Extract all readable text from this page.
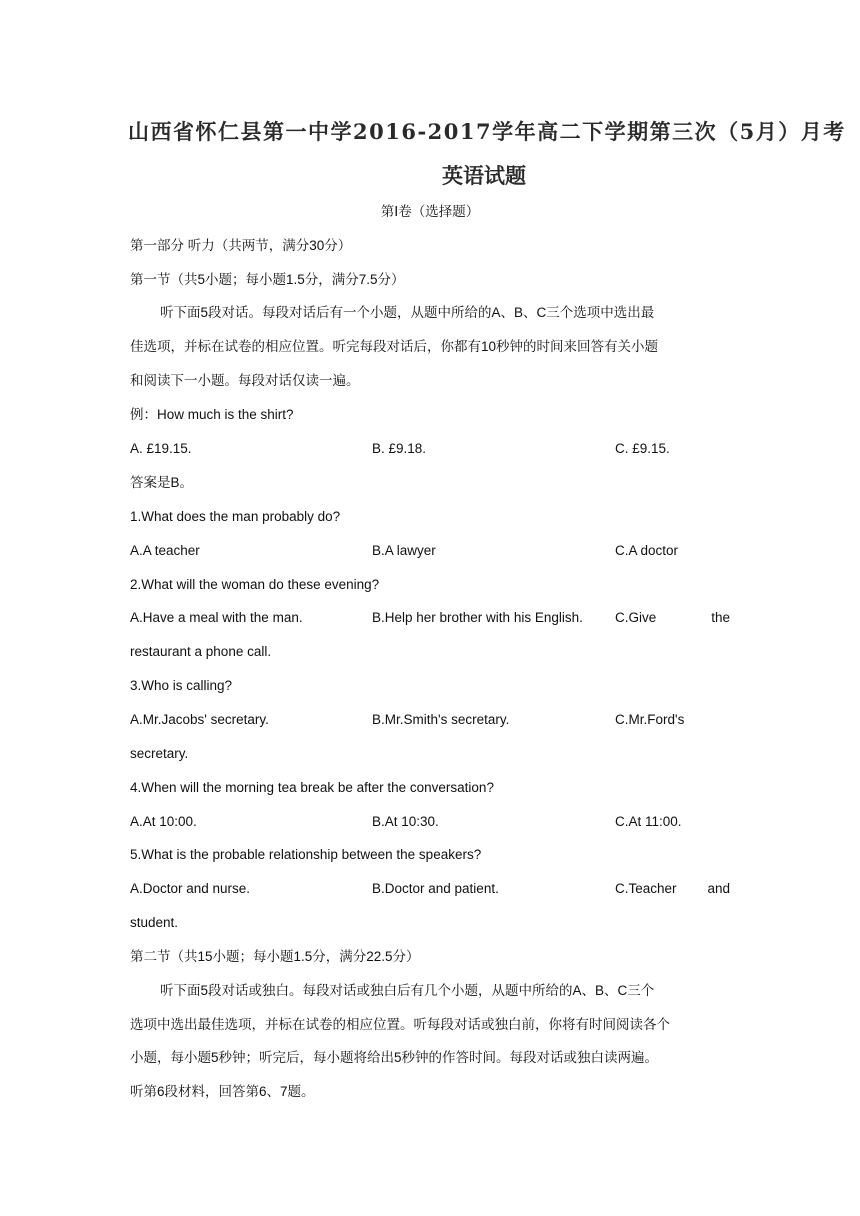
山西省怀仁县第一中学2016-2017学年高二下学期第三次（5月）月考
英语试题
第Ⅰ卷（选择题）
第一部分 听力（共两节，满分30分）
第一节（共5小题；每小题1.5分，满分7.5分）
听下面5段对话。每段对话后有一个小题，从题中所给的A、B、C三个选项中选出最
佳选项，并标在试卷的相应位置。听完每段对话后，你都有10秒钟的时间来回答有关小题
和阅读下一小题。每段对话仅读一遍。
例：How much is the shirt?
A. £19.15.	B. £9.18.	C. £9.15.
答案是B。
1.What does the man probably do?
A.A teacher	B.A lawyer	C.A doctor
2.What will the woman do these evening?
A.Have a meal with the man.	B.Help her brother with his English. C.Give	the
restaurant a phone call.
3.Who is calling?
A.Mr.Jacobs' secretary.	B.Mr.Smith's secretary.	C.Mr.Ford's
secretary.
4.When will the morning tea break be after the conversation?
A.At 10:00.	B.At 10:30.	C.At 11:00.
5.What is the probable relationship between the speakers?
A.Doctor and nurse.	B.Doctor and patient.	C.Teacher and
student.
第二节（共15小题；每小题1.5分，满分22.5分）
听下面5段对话或独白。每段对话或独白后有几个小题，从题中所给的A、B、C三个
选项中选出最佳选项，并标在试卷的相应位置。听每段对话或独白前，你将有时间阅读各个
小题，每小题5秒钟；听完后，每小题将给出5秒钟的作答时间。每段对话或独白读两遍。
听第6段材料，回答第6、7题。
